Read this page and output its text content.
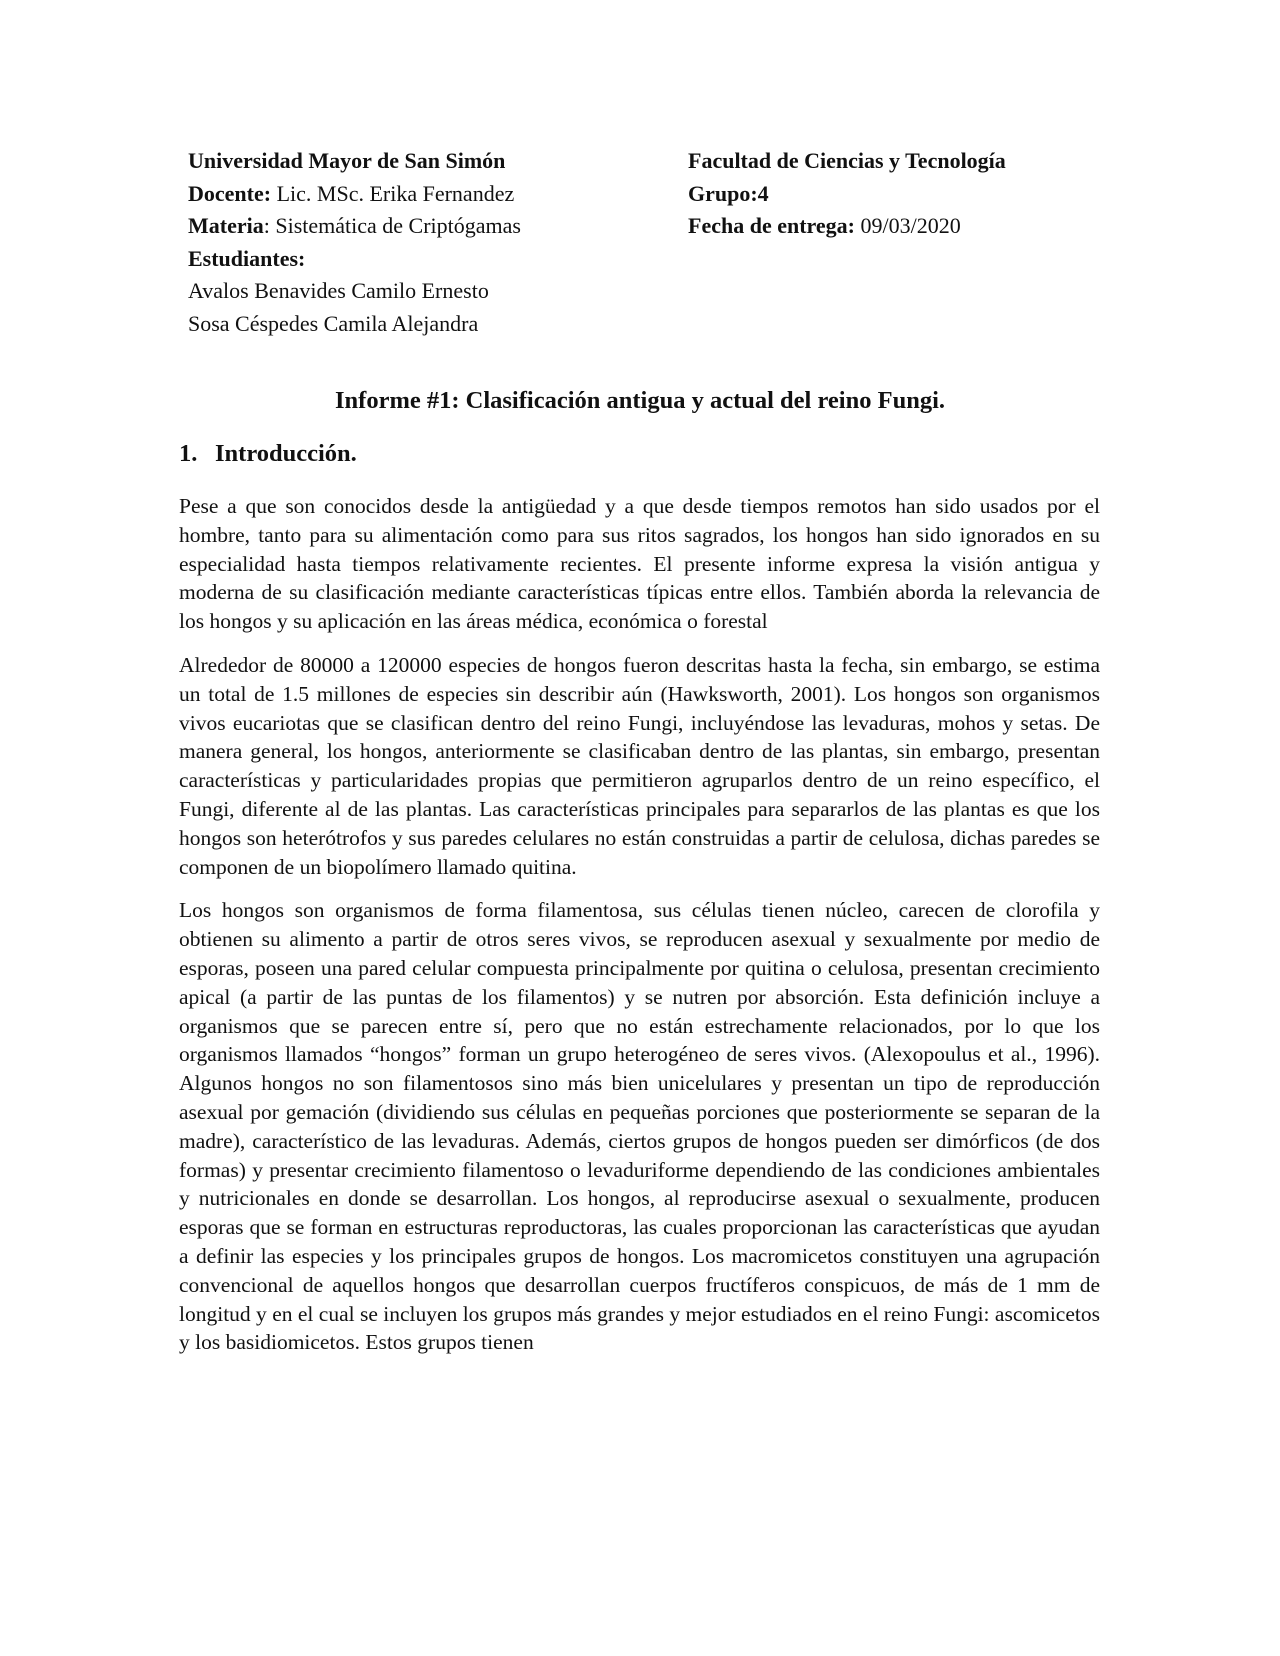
Universidad Mayor de San Simón
Docente: Lic. MSc. Erika Fernandez
Materia: Sistemática de Criptógamas
Estudiantes:
Avalos Benavides Camilo Ernesto
Sosa Céspedes Camila Alejandra
Facultad de Ciencias y Tecnología
Grupo:4
Fecha de entrega: 09/03/2020
Informe #1: Clasificación antigua y actual del reino Fungi.
1. Introducción.

Pese a que son conocidos desde la antigüedad y a que desde tiempos remotos han sido usados por el hombre, tanto para su alimentación como para sus ritos sagrados, los hongos han sido ignorados en su especialidad hasta tiempos relativamente recientes. El presente informe expresa la visión antigua y moderna de su clasificación mediante características típicas entre ellos. También aborda la relevancia de los hongos y su aplicación en las áreas médica, económica o forestal

Alrededor de 80000 a 120000 especies de hongos fueron descritas hasta la fecha, sin embargo, se estima un total de 1.5 millones de especies sin describir aún (Hawksworth, 2001). Los hongos son organismos vivos eucariotas que se clasifican dentro del reino Fungi, incluyéndose las levaduras, mohos y setas. De manera general, los hongos, anteriormente se clasificaban dentro de las plantas, sin embargo, presentan características y particularidades propias que permitieron agruparlos dentro de un reino específico, el Fungi, diferente al de las plantas. Las características principales para separarlos de las plantas es que los hongos son heterótrofos y sus paredes celulares no están construidas a partir de celulosa, dichas paredes se componen de un biopolímero llamado quitina.

Los hongos son organismos de forma filamentosa, sus células tienen núcleo, carecen de clorofila y obtienen su alimento a partir de otros seres vivos, se reproducen asexual y sexualmente por medio de esporas, poseen una pared celular compuesta principalmente por quitina o celulosa, presentan crecimiento apical (a partir de las puntas de los filamentos) y se nutren por absorción. Esta definición incluye a organismos que se parecen entre sí, pero que no están estrechamente relacionados, por lo que los organismos llamados “hongos” forman un grupo heterogéneo de seres vivos. (Alexopoulus et al., 1996). Algunos hongos no son filamentosos sino más bien unicelulares y presentan un tipo de reproducción asexual por gemación (dividiendo sus células en pequeñas porciones que posteriormente se separan de la madre), característico de las levaduras. Además, ciertos grupos de hongos pueden ser dimórficos (de dos formas) y presentar crecimiento filamentoso o levaduriforme dependiendo de las condiciones ambientales y nutricionales en donde se desarrollan. Los hongos, al reproducirse asexual o sexualmente, producen esporas que se forman en estructuras reproductoras, las cuales proporcionan las características que ayudan a definir las especies y los principales grupos de hongos. Los macromicetos constituyen una agrupación convencional de aquellos hongos que desarrollan cuerpos fructíferos conspicuos, de más de 1 mm de longitud y en el cual se incluyen los grupos más grandes y mejor estudiados en el reino Fungi: ascomicetos y los basidiomicetos. Estos grupos tienen
